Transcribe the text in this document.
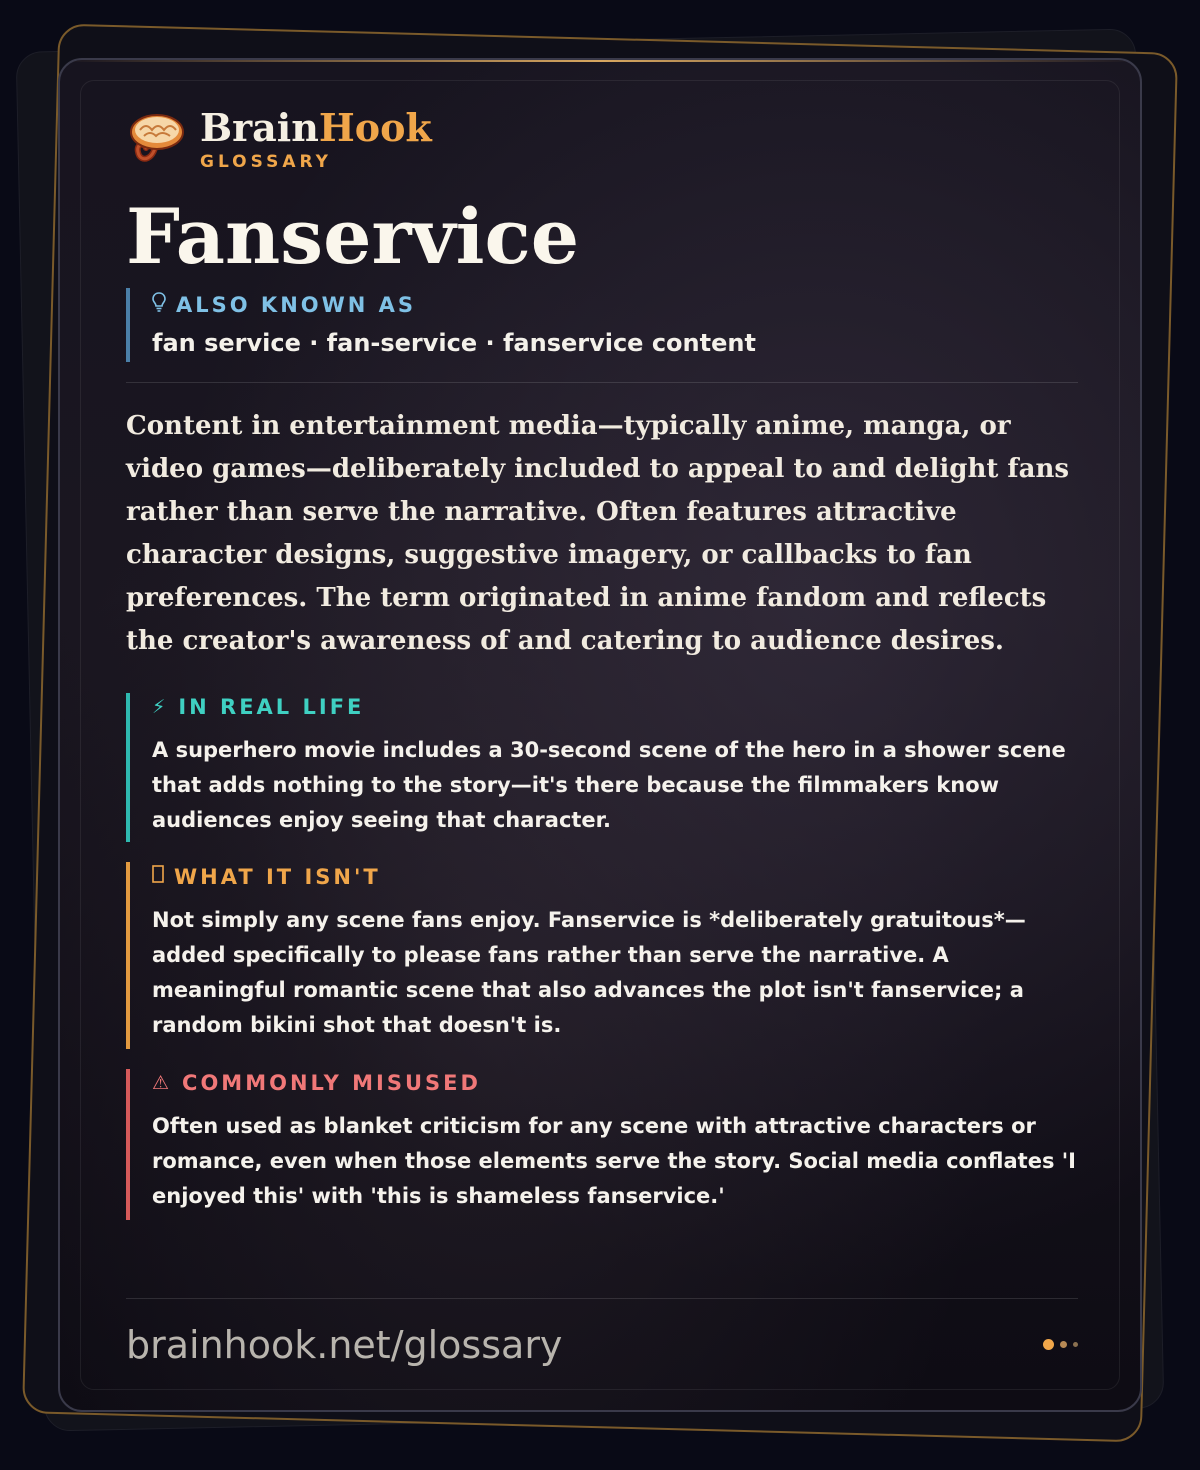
BrainHook
GLOSSARY
Fanservice
ALSO KNOWN AS
fan service · fan-service · fanservice content
Content in entertainment media—typically anime, manga, or video games—deliberately included to appeal to and delight fans rather than serve the narrative. Often features attractive character designs, suggestive imagery, or callbacks to fan preferences. The term originated in anime fandom and reflects the creator's awareness of and catering to audience desires.
⚡ IN REAL LIFE
A superhero movie includes a 30-second scene of the hero in a shower scene that adds nothing to the story—it's there because the filmmakers know audiences enjoy seeing that character.
WHAT IT ISN'T
Not simply any scene fans enjoy. Fanservice is *deliberately gratuitous*—added specifically to please fans rather than serve the narrative. A meaningful romantic scene that also advances the plot isn't fanservice; a random bikini shot that doesn't is.
⚠ COMMONLY MISUSED
Often used as blanket criticism for any scene with attractive characters or romance, even when those elements serve the story. Social media conflates 'I enjoyed this' with 'this is shameless fanservice.'
brainhook.net/glossary
